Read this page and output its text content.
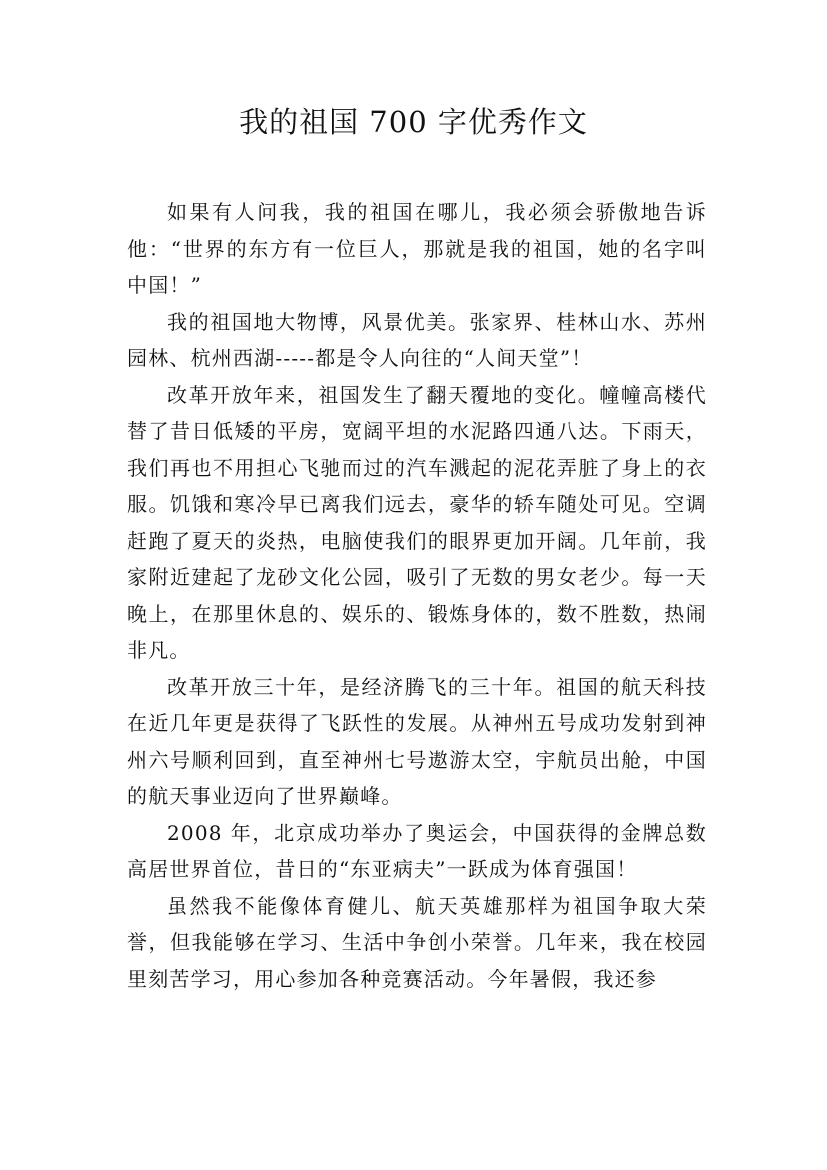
我的祖国 700 字优秀作文

如果有人问我，我的祖国在哪儿，我必须会骄傲地告诉他：“世界的东方有一位巨人，那就是我的祖国，她的名字叫中国！”

我的祖国地大物博，风景优美。张家界、桂林山水、苏州园林、杭州西湖-----都是令人向往的“人间天堂”！

改革开放年来，祖国发生了翻天覆地的变化。幢幢高楼代替了昔日低矮的平房，宽阔平坦的水泥路四通八达。下雨天，我们再也不用担心飞驰而过的汽车溅起的泥花弄脏了身上的衣服。饥饿和寒冷早已离我们远去，豪华的轿车随处可见。空调赶跑了夏天的炎热，电脑使我们的眼界更加开阔。几年前，我家附近建起了龙砂文化公园，吸引了无数的男女老少。每一天晚上，在那里休息的、娱乐的、锻炼身体的，数不胜数，热闹非凡。

改革开放三十年，是经济腾飞的三十年。祖国的航天科技在近几年更是获得了飞跃性的发展。从神州五号成功发射到神州六号顺利回到，直至神州七号遨游太空，宇航员出舱，中国的航天事业迈向了世界巅峰。

2008 年，北京成功举办了奥运会，中国获得的金牌总数高居世界首位，昔日的“东亚病夫”一跃成为体育强国！

虽然我不能像体育健儿、航天英雄那样为祖国争取大荣誉，但我能够在学习、生活中争创小荣誉。几年来，我在校园里刻苦学习，用心参加各种竞赛活动。今年暑假，我还参
